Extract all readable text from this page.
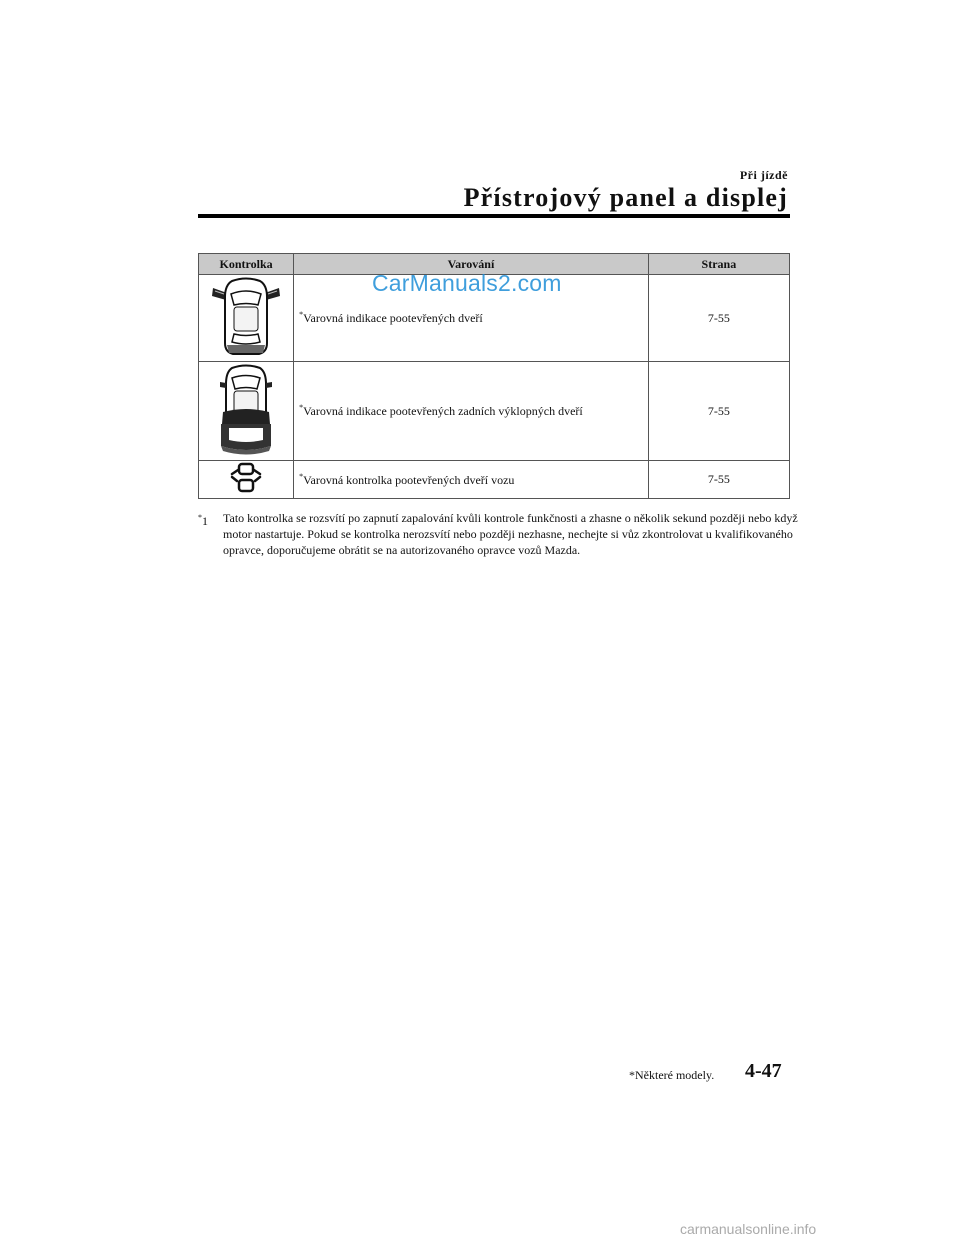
Při jízdě
Přístrojový panel a displej
Kontrolka	Varování	Strana
	*Varovná indikace pootevřených dveří	7-55
	*Varovná indikace pootevřených zadních výklopných dveří	7-55
	*Varovná kontrolka pootevřených dveří vozu	7-55
CarManuals2.com
*1 Tato kontrolka se rozsvítí po zapnutí zapalování kvůli kontrole funkčnosti a zhasne o několik sekund později nebo když motor nastartuje. Pokud se kontrolka nerozsvítí nebo později nezhasne, nechejte si vůz zkontrolovat u kvalifikovaného opravce, doporučujeme obrátit se na autorizovaného opravce vozů Mazda.
*Některé modely. 4-47
carmanualsonline.info
